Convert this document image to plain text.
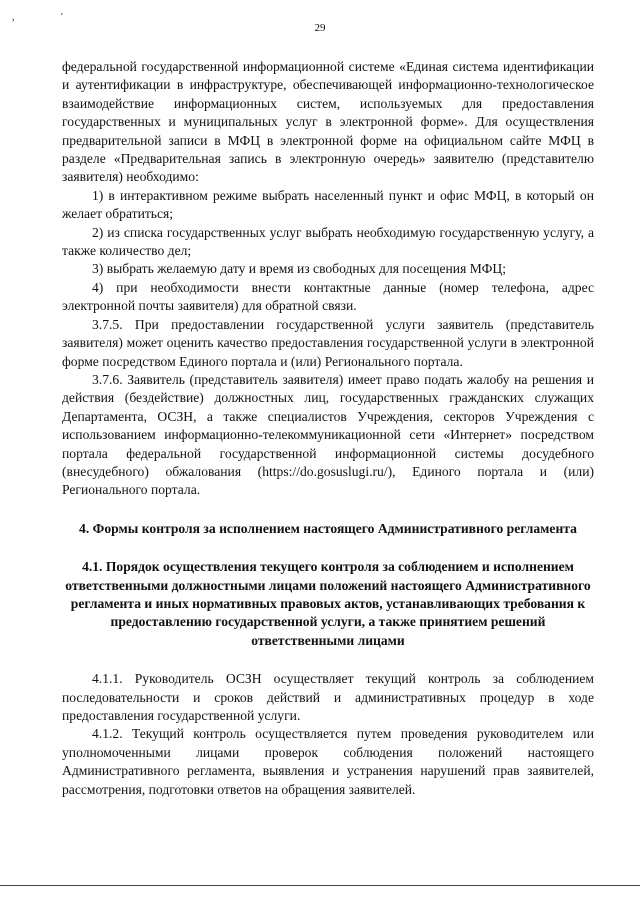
, '
29

федеральной государственной информационной системе «Единая система идентификации и аутентификации в инфраструктуре, обеспечивающей информационно-технологическое взаимодействие информационных систем, используемых для предоставления государственных и муниципальных услуг в электронной форме». Для осуществления предварительной записи в МФЦ в электронной форме на официальном сайте МФЦ в разделе «Предварительная запись в электронную очередь» заявителю (представителю заявителя) необходимо:

1) в интерактивном режиме выбрать населенный пункт и офис МФЦ, в который он желает обратиться;

2) из списка государственных услуг выбрать необходимую государственную услугу, а также количество дел;

3) выбрать желаемую дату и время из свободных для посещения МФЦ;

4) при необходимости внести контактные данные (номер телефона, адрес электронной почты заявителя) для обратной связи.

3.7.5. При предоставлении государственной услуги заявитель (представитель заявителя) может оценить качество предоставления государственной услуги в электронной форме посредством Единого портала и (или) Регионального портала.

3.7.6. Заявитель (представитель заявителя) имеет право подать жалобу на решения и действия (бездействие) должностных лиц, государственных гражданских служащих Департамента, ОСЗН, а также специалистов Учреждения, секторов Учреждения с использованием информационно-телекоммуникационной сети «Интернет» посредством портала федеральной государственной информационной системы досудебного (внесудебного) обжалования (https://do.gosuslugi.ru/), Единого портала и (или) Регионального портала.

4. Формы контроля за исполнением настоящего Административного регламента

4.1. Порядок осуществления текущего контроля за соблюдением и исполнением ответственными должностными лицами положений настоящего Административного регламента и иных нормативных правовых актов, устанавливающих требования к предоставлению государственной услуги, а также принятием решений ответственными лицами

4.1.1. Руководитель ОСЗН осуществляет текущий контроль за соблюдением последовательности и сроков действий и административных процедур в ходе предоставления государственной услуги.

4.1.2. Текущий контроль осуществляется путем проведения руководителем или уполномоченными лицами проверок соблюдения положений настоящего Административного регламента, выявления и устранения нарушений прав заявителей, рассмотрения, подготовки ответов на обращения заявителей.
